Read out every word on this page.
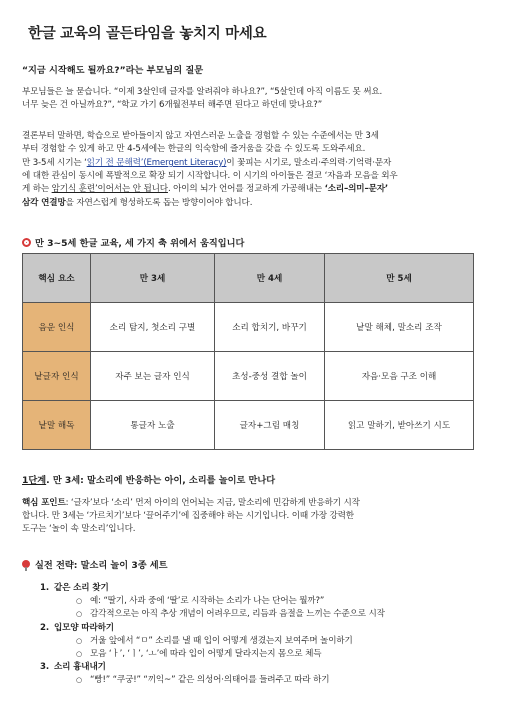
한글 교육의 골든타임을 놓치지 마세요
“지금 시작해도 될까요?”라는 부모님의 질문
부모님들은 늘 묻습니다. “이제 3살인데 글자를 알려줘야 하나요?”, “5살인데 아직 이름도 못 써요.
너무 늦은 건 아닐까요?”, “학교 가기 6개월전부터 해주면 된다고 하던데 맞나요?”
결론부터 말하면, 학습으로 받아들이지 않고 자연스러운 노출을 경험할 수 있는 수준에서는 만 3세
부터 경험할 수 있게 하고 만 4-5세에는 한글의 익숙함에 즐거움을 갖을 수 있도록 도와주세요.
만 3-5세 시기는 ‘읽기 전 문해력’(Emergent Literacy)이 꽃피는 시기로, 말소리·주의력·기억력·문자
에 대한 관심이 동시에 폭발적으로 확장 되기 시작합니다. 이 시기의 아이들은 결코 ‘자음과 모음을 외우
게 하는 암기식 훈련’이어서는 안 됩니다. 아이의 뇌가 언어를 정교하게 가공해내는 ‘소리–의미–문자’
삼각 연결망을 자연스럽게 형성하도록 돕는 방향이어야 합니다.
만 3~5세 한글 교육, 세 가지 축 위에서 움직입니다
핵심 요소	만 3세	만 4세	만 5세
음운 인식	소리 탐지, 첫소리 구별	소리 합치기, 바꾸기	낱말 해체, 말소리 조작
낱글자 인식	자주 보는 글자 인식	초성-중성 결합 놀이	자음·모음 구조 이해
낱말 해독	통글자 노출	글자+그림 매칭	읽고 말하기, 받아쓰기 시도
1단계. 만 3세: 말소리에 반응하는 아이, 소리를 놀이로 만나다
핵심 포인트: ‘글자’보다 ‘소리’ 먼저 아이의 언어뇌는 지금, 말소리에 민감하게 반응하기 시작
합니다. 만 3세는 ‘가르치기’보다 ‘끌어주기’에 집중해야 하는 시기입니다. 이때 가장 강력한
도구는 ‘놀이 속 말소리’입니다.
실전 전략: 말소리 놀이 3종 세트
1. 같은 소리 찾기
○ 예: “딸기, 사과 중에 ‘딸’로 시작하는 소리가 나는 단어는 뭘까?”
○ 감각적으로는 아직 추상 개념이 어려우므로, 리듬과 음절을 느끼는 수준으로 시작
2. 입모양 따라하기
○ 거울 앞에서 “ㅁ” 소리를 낼 때 입이 어떻게 생겼는지 보여주며 놀이하기
○ 모음 ‘ㅏ’, ‘ㅣ’, ‘ㅗ’에 따라 입이 어떻게 달라지는지 몸으로 체득
3. 소리 흉내내기
○ “빵!” “쿠궁!” “끼익~” 같은 의성어·의태어를 들려주고 따라 하기
